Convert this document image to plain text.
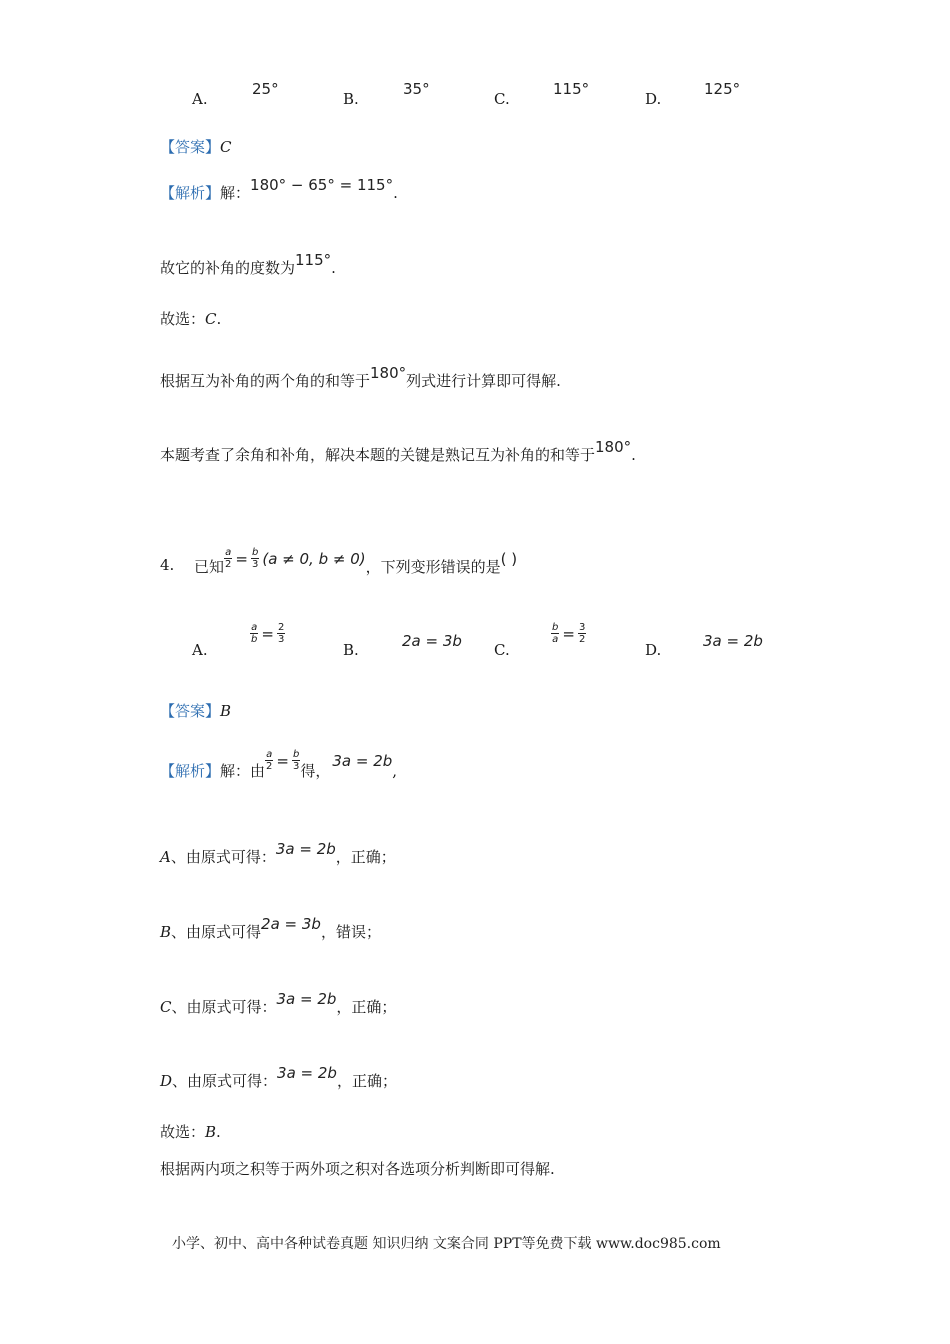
A.
25°
B.
35°
C.
115°
D.
125°
【答案】C
【解析】解：180° − 65° = 115°.
故它的补角的度数为115°.
故选：C.
根据互为补角的两个角的和等于180°列式进行计算即可得解.
本题考查了余角和补角，解决本题的关键是熟记互为补角的和等于180°.
4. 已知 $\frac{a}{2} = \frac{b}{3} (a \ne 0$, b ≠ 0) ，下列变形错误的是 ( )
A.
$\frac{a}{b} = \frac{2}{3}$
B.	2a = 3b C.
$\frac{b}{a} = \frac{3}{2}$
D.	3a = 2b
【答案】B
【解析】 解：由 $\frac{a}{2} = \frac{b}{3}$ 得，
3a = 2b
,
A、由原式可得：3a = 2b，正确；
B、由原式可得2a = 3b，错误；
C、由原式可得：3a = 2b，正确；
D、由原式可得：3a = 2b，正确；
故选：B.
根据两内项之积等于两外项之积对各选项分析判断即可得解.
小学、初中、高中各种试卷真题 知识归纳 文案合同 PPT等免费下载 www.doc985.com
